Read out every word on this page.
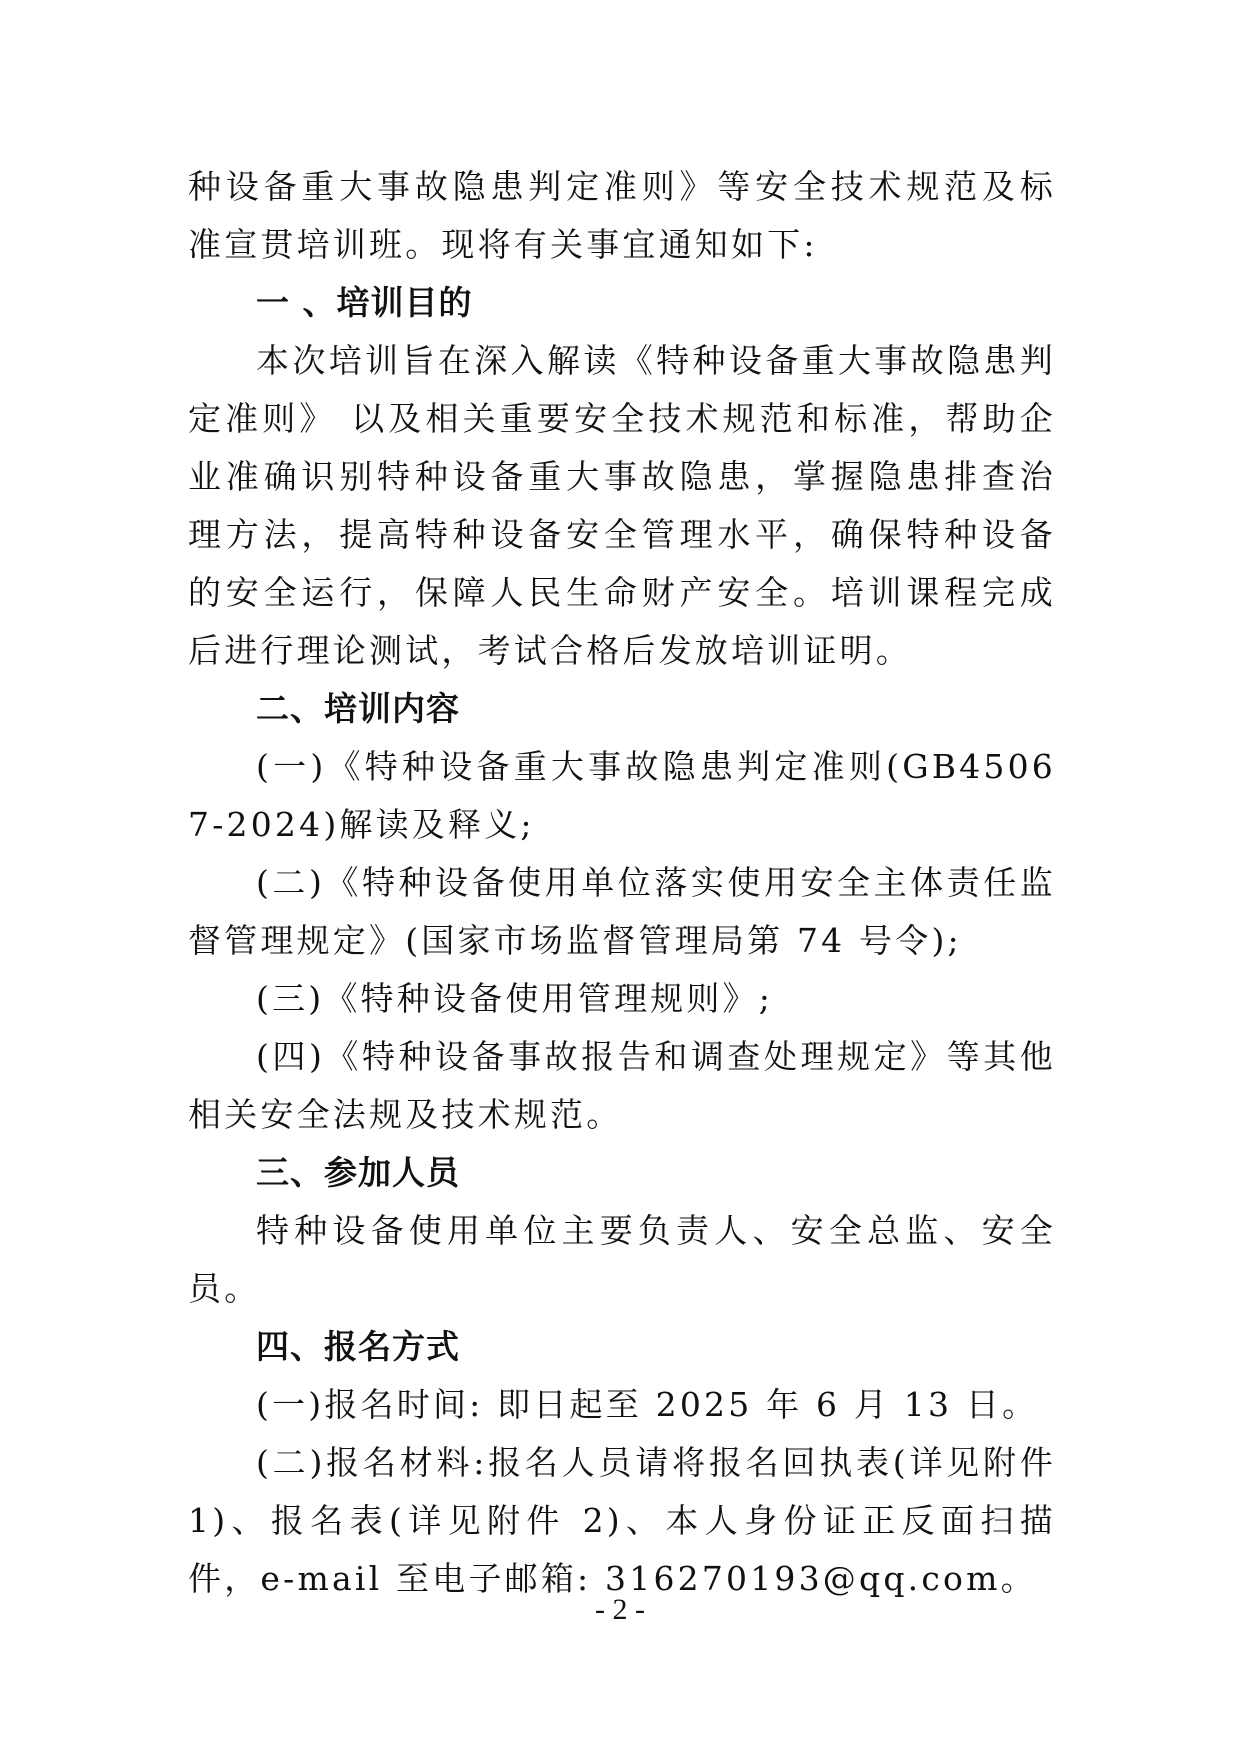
种设备重大事故隐患判定准则》等安全技术规范及标准宣贯培训班。现将有关事宜通知如下:

一 、培训目的

本次培训旨在深入解读《特种设备重大事故隐患判定准则》 以及相关重要安全技术规范和标准，帮助企业准确识别特种设备重大事故隐患，掌握隐患排查治理方法，提高特种设备安全管理水平，确保特种设备的安全运行，保障人民生命财产安全。培训课程完成后进行理论测试，考试合格后发放培训证明。

二、培训内容

(一)《特种设备重大事故隐患判定准则(GB45067-2024)解读及释义;

(二)《特种设备使用单位落实使用安全主体责任监督管理规定》(国家市场监督管理局第 74 号令);

(三)《特种设备使用管理规则》;

(四)《特种设备事故报告和调查处理规定》等其他相关安全法规及技术规范。

三、参加人员

特种设备使用单位主要负责人、安全总监、安全员。

四、报名方式

(一)报名时间: 即日起至 2025 年 6 月 13 日。

(二)报名材料:报名人员请将报名回执表(详见附件 1)、报名表(详见附件 2)、本人身份证正反面扫描件，e-mail 至电子邮箱: 316270193@qq.com。

- 2 -
